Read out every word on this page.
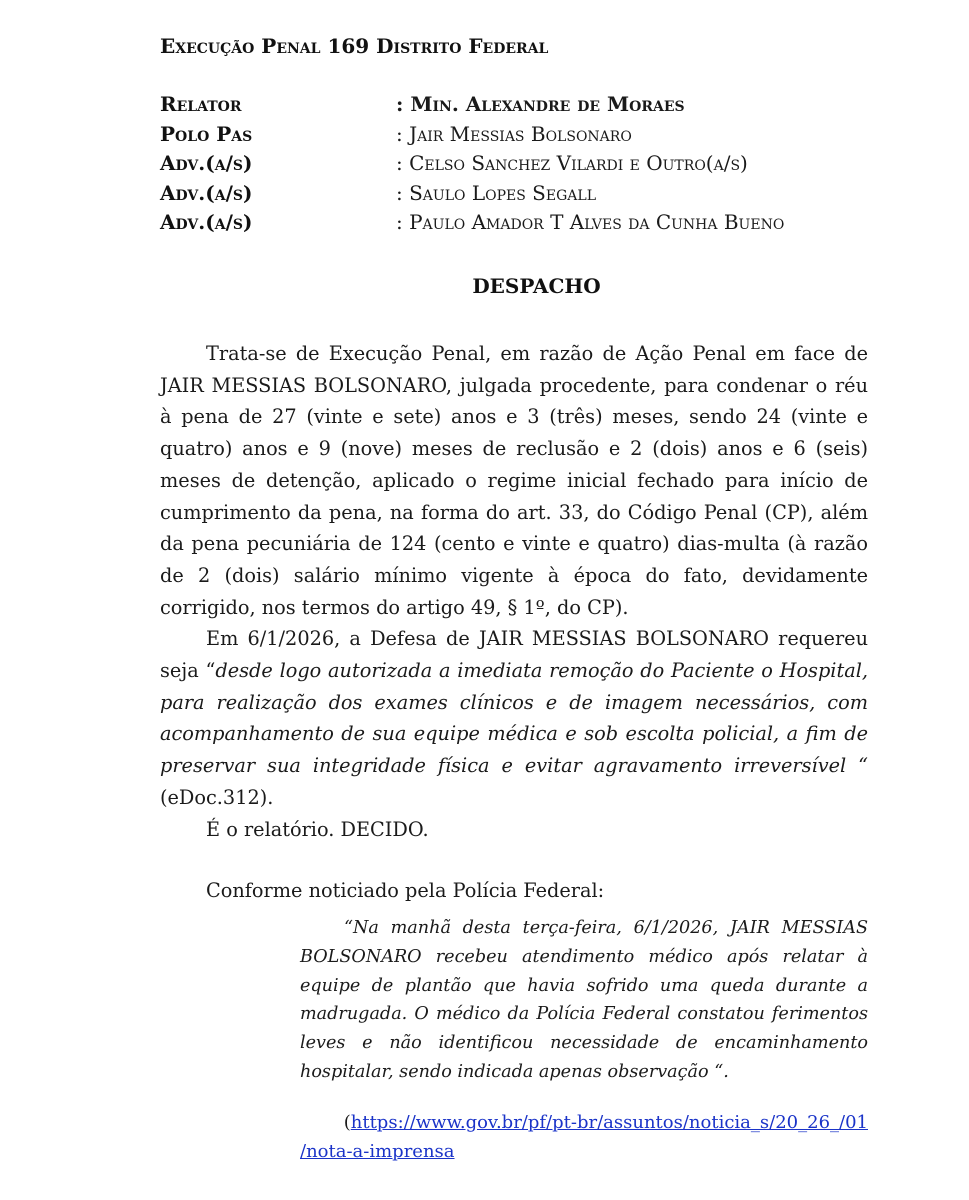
Execução Penal 169 Distrito Federal
Relator	: Min. Alexandre de Moraes
Polo Pas	: Jair Messias Bolsonaro
Adv.(a/s)	: Celso Sanchez Vilardi e Outro(a/s)
Adv.(a/s)	: Saulo Lopes Segall
Adv.(a/s)	: Paulo Amador T Alves da Cunha Bueno
DESPACHO

Trata-se de Execução Penal, em razão de Ação Penal em face de JAIR MESSIAS BOLSONARO, julgada procedente, para condenar o réu à pena de 27 (vinte e sete) anos e 3 (três) meses, sendo 24 (vinte e quatro) anos e 9 (nove) meses de reclusão e 2 (dois) anos e 6 (seis) meses de detenção, aplicado o regime inicial fechado para início de cumprimento da pena, na forma do art. 33, do Código Penal (CP), além da pena pecuniária de 124 (cento e vinte e quatro) dias-multa (à razão de 2 (dois) salário mínimo vigente à época do fato, devidamente corrigido, nos termos do artigo 49, § 1º, do CP).

Em 6/1/2026, a Defesa de JAIR MESSIAS BOLSONARO requereu seja “desde logo autorizada a imediata remoção do Paciente o Hospital, para realização dos exames clínicos e de imagem necessários, com acompanhamento de sua equipe médica e sob escolta policial, a fim de preservar sua integridade física e evitar agravamento irreversível “ (eDoc.312).

É o relatório. DECIDO.

Conforme noticiado pela Polícia Federal:

“Na manhã desta terça-feira, 6/1/2026, JAIR MESSIAS BOLSONARO recebeu atendimento médico após relatar à equipe de plantão que havia sofrido uma queda durante a madrugada. O médico da Polícia Federal constatou ferimentos leves e não identificou necessidade de encaminhamento hospitalar, sendo indicada apenas observação “.

(https://www.gov.br/pf/pt-br/assuntos/noticia_s/20_26_/01
/nota-a-imprensa
